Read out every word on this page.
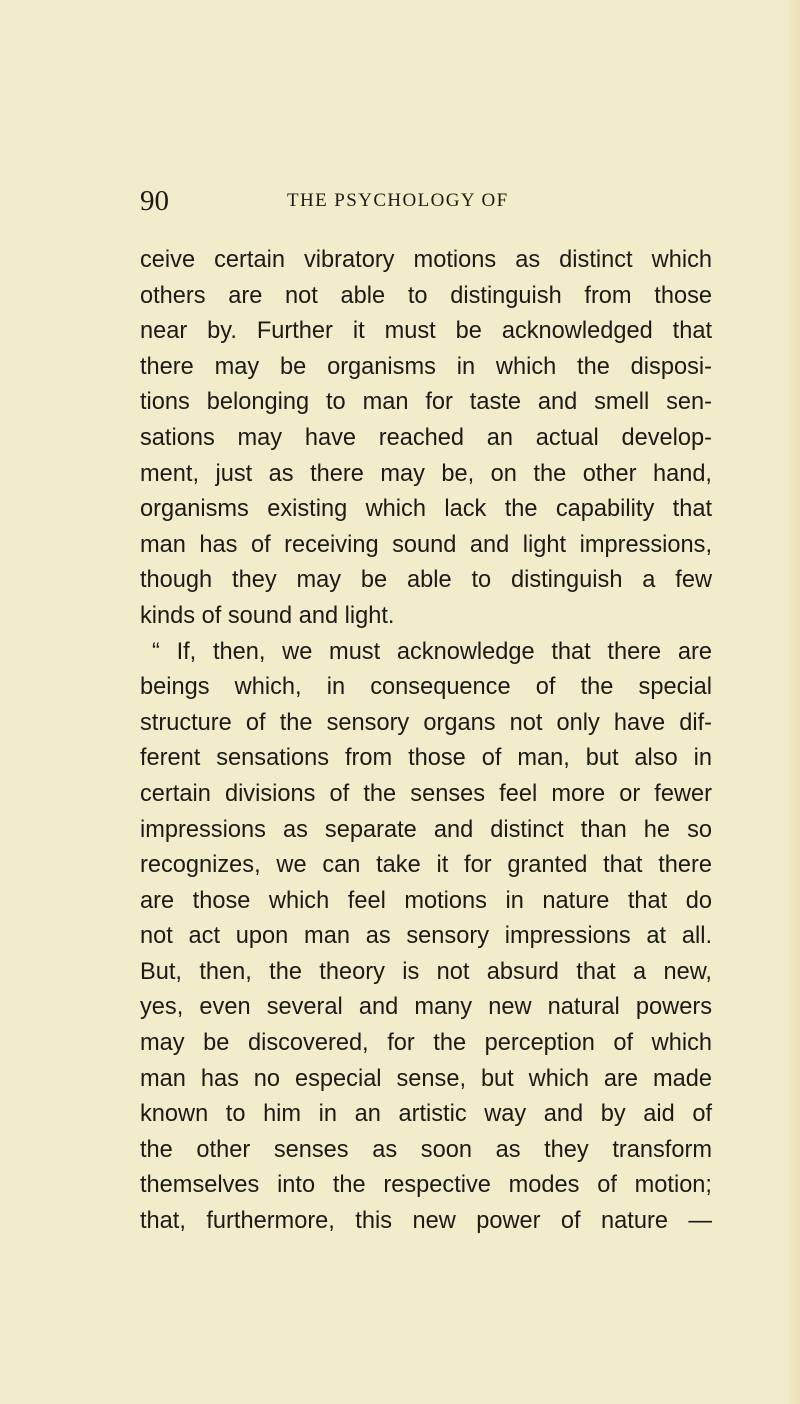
90	THE PSYCHOLOGY OF
ceive certain vibratory motions as distinct which
others are not able to distinguish from those
near by. Further it must be acknowledged that
there may be organisms in which the disposi-
tions belonging to man for taste and smell sen-
sations may have reached an actual develop-
ment, just as there may be, on the other hand,
organisms existing which lack the capability that
man has of receiving sound and light impressions,
though they may be able to distinguish a few
kinds of sound and light.
“ If, then, we must acknowledge that there are
beings which, in consequence of the special
structure of the sensory organs not only have dif-
ferent sensations from those of man, but also in
certain divisions of the senses feel more or fewer
impressions as separate and distinct than he so
recognizes, we can take it for granted that there
are those which feel motions in nature that do
not act upon man as sensory impressions at all.
But, then, the theory is not absurd that a new,
yes, even several and many new natural powers
may be discovered, for the perception of which
man has no especial sense, but which are made
known to him in an artistic way and by aid of
the other senses as soon as they transform
themselves into the respective modes of motion;
that, furthermore, this new power of nature —
